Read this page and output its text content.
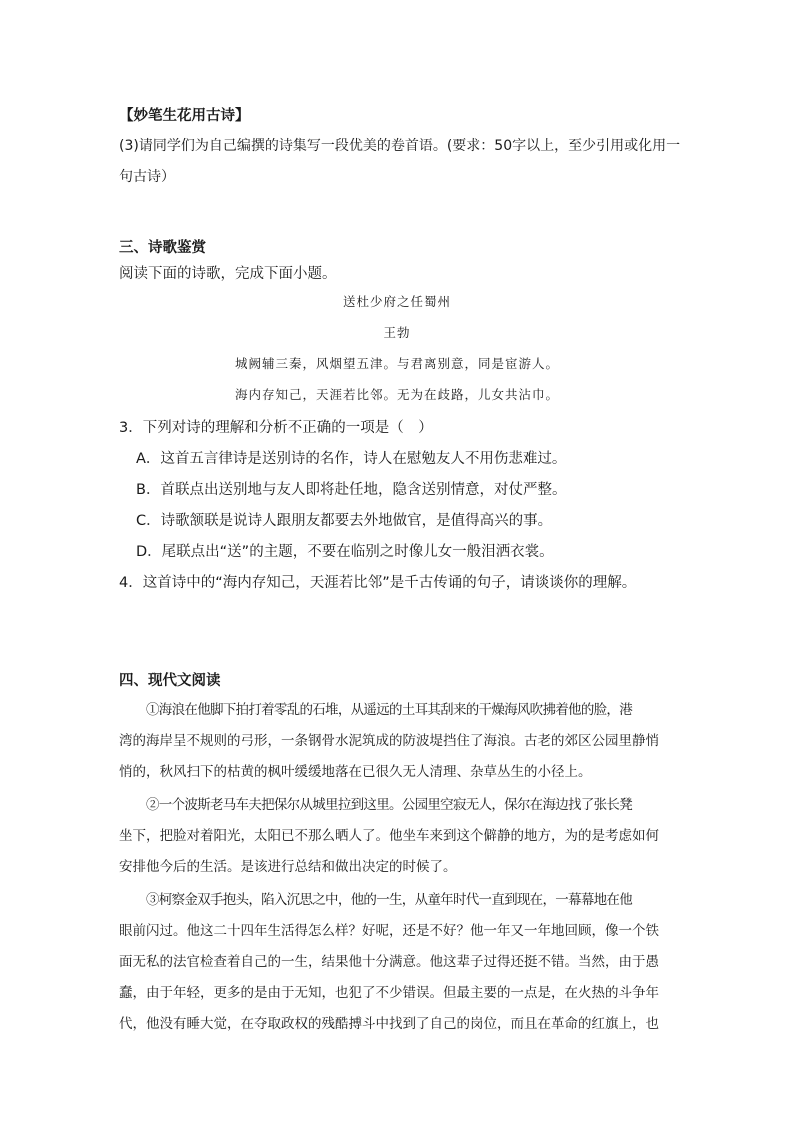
【妙笔生花用古诗】
(3)请同学们为自己编撰的诗集写一段优美的卷首语。(要求：50字以上，至少引用或化用一
句古诗）
三、诗歌鉴赏
阅读下面的诗歌，完成下面小题。
送杜少府之任蜀州
王勃
城阙辅三秦，风烟望五津。与君离别意，同是宦游人。
海内存知己，天涯若比邻。无为在歧路，儿女共沾巾。
3．下列对诗的理解和分析不正确的一项是（　）
A．这首五言律诗是送别诗的名作，诗人在慰勉友人不用伤悲难过。
B．首联点出送别地与友人即将赴任地，隐含送别情意，对仗严整。
C．诗歌颔联是说诗人跟朋友都要去外地做官，是值得高兴的事。
D．尾联点出“送”的主题，不要在临别之时像儿女一般泪洒衣裳。
4．这首诗中的“海内存知己，天涯若比邻”是千古传诵的句子，请谈谈你的理解。
四、现代文阅读
①海浪在他脚下拍打着零乱的石堆，从遥远的土耳其刮来的干燥海风吹拂着他的脸，港
湾的海岸呈不规则的弓形，一条钢骨水泥筑成的防波堤挡住了海浪。古老的郊区公园里静悄
悄的，秋风扫下的枯黄的枫叶缓缓地落在已很久无人清理、杂草丛生的小径上。
②一个波斯老马车夫把保尔从城里拉到这里。公园里空寂无人，保尔在海边找了张长凳
坐下，把脸对着阳光，太阳已不那么晒人了。他坐车来到这个僻静的地方，为的是考虑如何
安排他今后的生活。是该进行总结和做出决定的时候了。
③柯察金双手抱头，陷入沉思之中，他的一生，从童年时代一直到现在，一幕幕地在他
眼前闪过。他这二十四年生活得怎么样？好呢，还是不好？他一年又一年地回顾，像一个铁
面无私的法官检查着自己的一生，结果他十分满意。他这辈子过得还挺不错。当然，由于愚
蠢，由于年轻，更多的是由于无知，也犯了不少错误。但最主要的一点是，在火热的斗争年
代，他没有睡大觉，在夺取政权的残酷搏斗中找到了自己的岗位，而且在革命的红旗上，也
